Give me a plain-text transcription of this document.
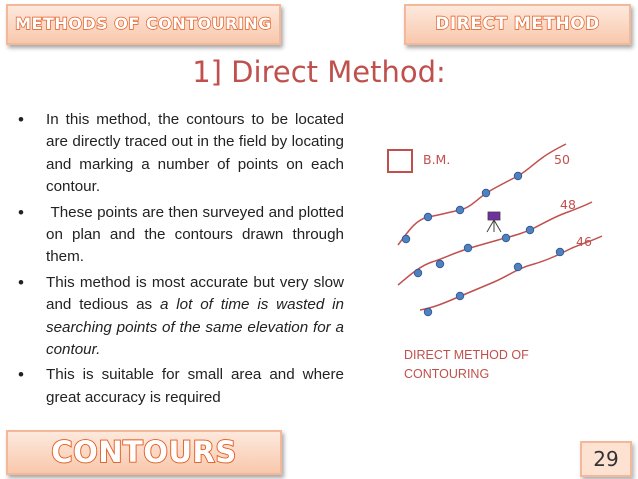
METHODS OF CONTOURING	DIRECT METHOD
1] Direct Method:
• In this method, the contours to be located are directly traced out in the field by locating and marking a number of points on each contour.
•  These points are then surveyed and plotted on plan and the contours drawn through them.
• This method is most accurate but very slow and tedious as a lot of time is wasted in searching points of the same elevation for a contour.
• This is suitable for small area and where great accuracy is required
B.M.	50
48
46
DIRECT METHOD OF
CONTOURING
CONTOURS	29
